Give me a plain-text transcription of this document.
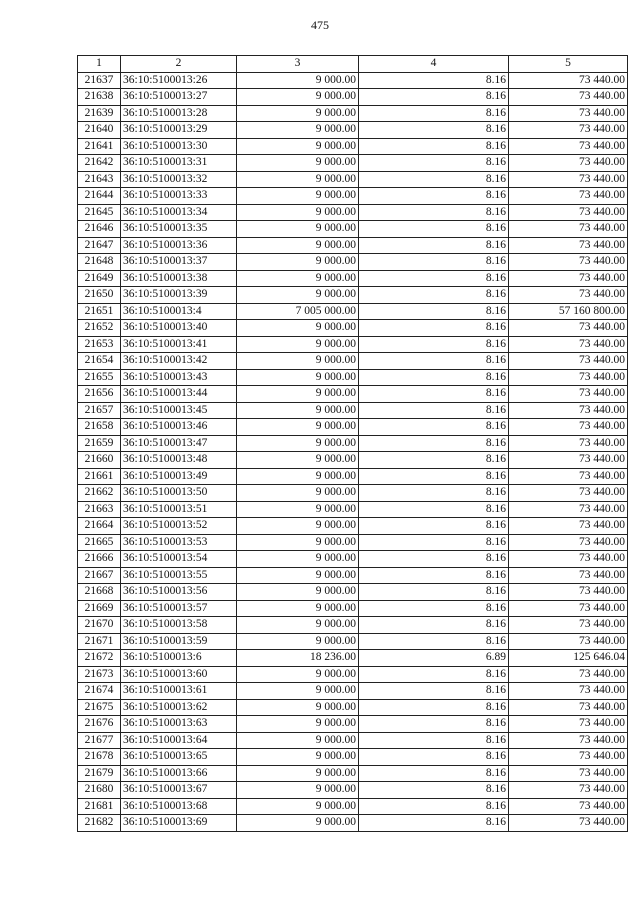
475
1	2	3	4	5
21637	36:10:5100013:26	9 000.00	8.16	73 440.00
21638	36:10:5100013:27	9 000.00	8.16	73 440.00
21639	36:10:5100013:28	9 000.00	8.16	73 440.00
21640	36:10:5100013:29	9 000.00	8.16	73 440.00
21641	36:10:5100013:30	9 000.00	8.16	73 440.00
21642	36:10:5100013:31	9 000.00	8.16	73 440.00
21643	36:10:5100013:32	9 000.00	8.16	73 440.00
21644	36:10:5100013:33	9 000.00	8.16	73 440.00
21645	36:10:5100013:34	9 000.00	8.16	73 440.00
21646	36:10:5100013:35	9 000.00	8.16	73 440.00
21647	36:10:5100013:36	9 000.00	8.16	73 440.00
21648	36:10:5100013:37	9 000.00	8.16	73 440.00
21649	36:10:5100013:38	9 000.00	8.16	73 440.00
21650	36:10:5100013:39	9 000.00	8.16	73 440.00
21651	36:10:5100013:4	7 005 000.00	8.16	57 160 800.00
21652	36:10:5100013:40	9 000.00	8.16	73 440.00
21653	36:10:5100013:41	9 000.00	8.16	73 440.00
21654	36:10:5100013:42	9 000.00	8.16	73 440.00
21655	36:10:5100013:43	9 000.00	8.16	73 440.00
21656	36:10:5100013:44	9 000.00	8.16	73 440.00
21657	36:10:5100013:45	9 000.00	8.16	73 440.00
21658	36:10:5100013:46	9 000.00	8.16	73 440.00
21659	36:10:5100013:47	9 000.00	8.16	73 440.00
21660	36:10:5100013:48	9 000.00	8.16	73 440.00
21661	36:10:5100013:49	9 000.00	8.16	73 440.00
21662	36:10:5100013:50	9 000.00	8.16	73 440.00
21663	36:10:5100013:51	9 000.00	8.16	73 440.00
21664	36:10:5100013:52	9 000.00	8.16	73 440.00
21665	36:10:5100013:53	9 000.00	8.16	73 440.00
21666	36:10:5100013:54	9 000.00	8.16	73 440.00
21667	36:10:5100013:55	9 000.00	8.16	73 440.00
21668	36:10:5100013:56	9 000.00	8.16	73 440.00
21669	36:10:5100013:57	9 000.00	8.16	73 440.00
21670	36:10:5100013:58	9 000.00	8.16	73 440.00
21671	36:10:5100013:59	9 000.00	8.16	73 440.00
21672	36:10:5100013:6	18 236.00	6.89	125 646.04
21673	36:10:5100013:60	9 000.00	8.16	73 440.00
21674	36:10:5100013:61	9 000.00	8.16	73 440.00
21675	36:10:5100013:62	9 000.00	8.16	73 440.00
21676	36:10:5100013:63	9 000.00	8.16	73 440.00
21677	36:10:5100013:64	9 000.00	8.16	73 440.00
21678	36:10:5100013:65	9 000.00	8.16	73 440.00
21679	36:10:5100013:66	9 000.00	8.16	73 440.00
21680	36:10:5100013:67	9 000.00	8.16	73 440.00
21681	36:10:5100013:68	9 000.00	8.16	73 440.00
21682	36:10:5100013:69	9 000.00	8.16	73 440.00
